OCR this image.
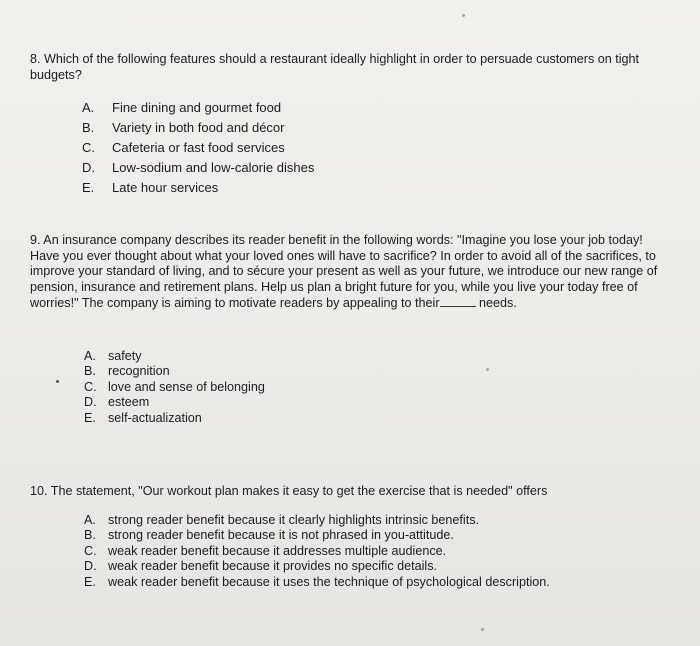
8. Which of the following features should a restaurant ideally highlight in order to persuade customers on tight budgets?

A. Fine dining and gourmet food
B. Variety in both food and décor
C. Cafeteria or fast food services
D. Low-sodium and low-calorie dishes
E. Late hour services

9. An insurance company describes its reader benefit in the following words: "Imagine you lose your job today! Have you ever thought about what your loved ones will have to sacrifice? In order to avoid all of the sacrifices, to improve your standard of living, and to sécure your present as well as your future, we introduce our new range of pension, insurance and retirement plans. Help us plan a bright future for you, while you live your today free of worries!" The company is aiming to motivate readers by appealing to their	needs.

A. safety
B. recognition
C. love and sense of belonging
D. esteem
E. self-actualization

10. The statement, "Our workout plan makes it easy to get the exercise that is needed" offers

A. strong reader benefit because it clearly highlights intrinsic benefits.
B. strong reader benefit because it is not phrased in you-attitude.
C. weak reader benefit because it addresses multiple audience.
D. weak reader benefit because it provides no specific details.
E. weak reader benefit because it uses the technique of psychological description.
